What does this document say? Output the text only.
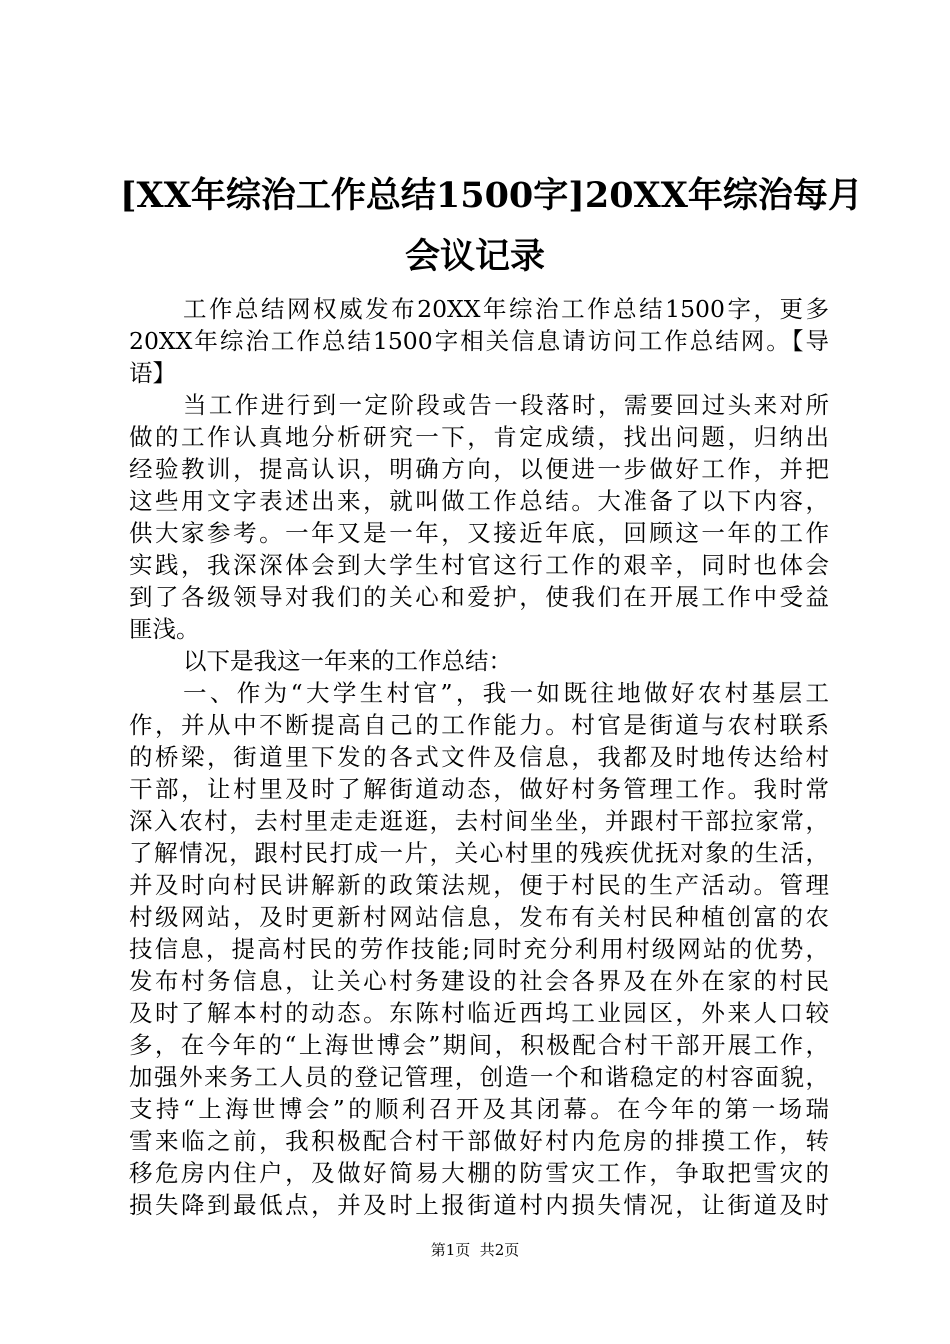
[XX年综治工作总结1500字]20XX年综治每月
会议记录
工作总结网权威发布20XX年综治工作总结1500字，更多
20XX年综治工作总结1500字相关信息请访问工作总结网。【导
语】
当工作进行到一定阶段或告一段落时，需要回过头来对所
做的工作认真地分析研究一下，肯定成绩，找出问题，归纳出
经验教训，提高认识，明确方向，以便进一步做好工作，并把
这些用文字表述出来，就叫做工作总结。大准备了以下内容，
供大家参考。一年又是一年，又接近年底，回顾这一年的工作
实践，我深深体会到大学生村官这行工作的艰辛，同时也体会
到了各级领导对我们的关心和爱护，使我们在开展工作中受益
匪浅。
以下是我这一年来的工作总结：
一、作为“大学生村官”，我一如既往地做好农村基层工
作，并从中不断提高自己的工作能力。村官是街道与农村联系
的桥梁，街道里下发的各式文件及信息，我都及时地传达给村
干部，让村里及时了解街道动态，做好村务管理工作。我时常
深入农村，去村里走走逛逛，去村间坐坐，并跟村干部拉家常，
了解情况，跟村民打成一片，关心村里的残疾优抚对象的生活，
并及时向村民讲解新的政策法规，便于村民的生产活动。管理
村级网站，及时更新村网站信息，发布有关村民种植创富的农
技信息，提高村民的劳作技能;同时充分利用村级网站的优势，
发布村务信息，让关心村务建设的社会各界及在外在家的村民
及时了解本村的动态。东陈村临近西坞工业园区，外来人口较
多，在今年的“上海世博会”期间，积极配合村干部开展工作，
加强外来务工人员的登记管理，创造一个和谐稳定的村容面貌，
支持“上海世博会”的顺利召开及其闭幕。在今年的第一场瑞
雪来临之前，我积极配合村干部做好村内危房的排摸工作，转
移危房内住户，及做好简易大棚的防雪灾工作，争取把雪灾的
损失降到最低点，并及时上报街道村内损失情况，让街道及时
第1页  共2页
